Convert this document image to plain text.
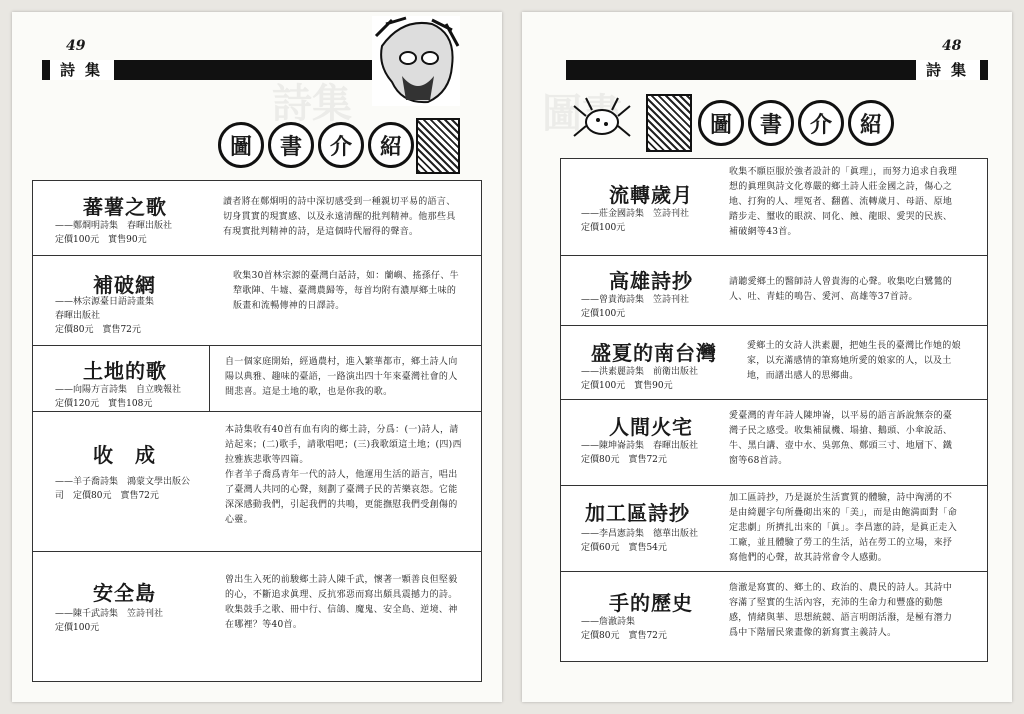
詩集
49
詩集
圖	書	介	紹
蕃薯之歌
——鄭烱明詩集　春暉出版社
定價100元　實售90元
讀者將在鄭烱明的詩中深切感受到一種親切平易的語言、切身貫實的現實感、以及永遠清醒的批判精神。他那些具有現實批判精神的詩，是這個時代層得的聲音。
補破網
——林宗源臺日語詩畫集
春暉出版社
定價80元　實售72元
收集30首林宗源的臺灣白話詩，如：蘭嶼、搖孫仔、牛犂歌陣、牛墟、臺灣農歸等，每首均附有濃厚鄉土味的版畫和流暢傳神的日譯詩。
土地的歌
——向陽方言詩集　自立晚報社
定價120元　實售108元
自一個家庭開始，經過農村，進入繁華都市，鄉土詩人向陽以典雅、趣味的臺語，一路演出四十年來臺灣社會的人間悲喜。這是土地的歌，也是你我的歌。
收　成
——羊子喬詩集　鴻蒙文學出版公司　定價80元　實售72元
本詩集收有40首有血有肉的鄉土詩，分爲：(一)詩人，請站起來；(二)歌手，請歌唱吧；(三)我歌頌這土地；(四)西拉雅族悲歌等四篇。
作者羊子喬爲青年一代的詩人，他運用生活的語言，唱出了臺灣人共同的心聲，刻劃了臺灣子民的苦樂哀怨。它能深深感動我們，引起我們的共鳴，更能撫慰我們受創傷的心靈。
安全島
——陳千武詩集　笠詩刊社
定價100元
曾出生入死的前駿鄉土詩人陳千武，懷著一顆善良但堅毅的心，不斷追求眞理、反抗邪惡而寫出頗具震撼力的詩。收集鼓手之歌、冊中行、信鴿、魔鬼、安全島、逆境、神在哪裡？等40首。
圖書
48
詩集
圖	書	介	紹
流轉歲月
——莊金國詩集　笠詩刊社
定價100元
收集不願臣服於強者設計的「眞理」，而努力追求自我理想的眞理與詩文化尊嚴的鄉土詩人莊金國之詩，傷心之地、打狗的人、埋冤者、翻舊、流轉歲月、母語、原地踏步走、璽收的眼淚、同化、蝕、龍眼、愛哭的民族、補破網等43首。
高雄詩抄
——曾貴海詩集　笠詩刊社
定價100元
請聽愛鄉土的醫師詩人曾貴海的心聲。收集吃白鷺鷥的人、吐、青蛙的鳴告、愛河、高雄等37首詩。
盛夏的南台灣
——洪素麗詩集　前衛出版社
定價100元　實售90元
愛鄉土的女詩人洪素麗，把她生長的臺灣比作她的娘家，以充滿感情的筆寫她所愛的娘家的人，以及土地，而譜出感人的思鄉曲。
人間火宅
——陳坤崙詩集　春暉出版社
定價80元　實售72元
愛臺灣的青年詩人陳坤崙，以平易的語言訴說無奈的臺灣子民之感受。收集補鼠機、塌搶、鵝頭、小傘說話、牛、黑白講、壺中水、吳郭魚、鄭頭三寸、地層下、鐵窗等68首詩。
加工區詩抄
——李昌憲詩集　德華出版社
定價60元　實售54元
加工區詩抄，乃是誕於生活實質的體驗，詩中洶湧的不是由綺麗字句所疊砌出來的「美」，而是由飽満面對「命定悲劇」所擠扎出來的「眞」。李昌憲的詩，是眞正走入工廠，並且體驗了勞工的生活，站在勞工的立場，來抒寫他們的心聲，故其詩常會令人感動。
手的歷史
——詹澈詩集
定價80元　實售72元
詹澈是寫實的、鄉土的、政治的、農民的詩人。其詩中容滿了堅實的生活內容，充沛的生命力和豐盛的動態感，情緒與華、思想統競、語言明朗活潑，是極有潛力爲中下階層民衆畫像的新寫實主義詩人。
